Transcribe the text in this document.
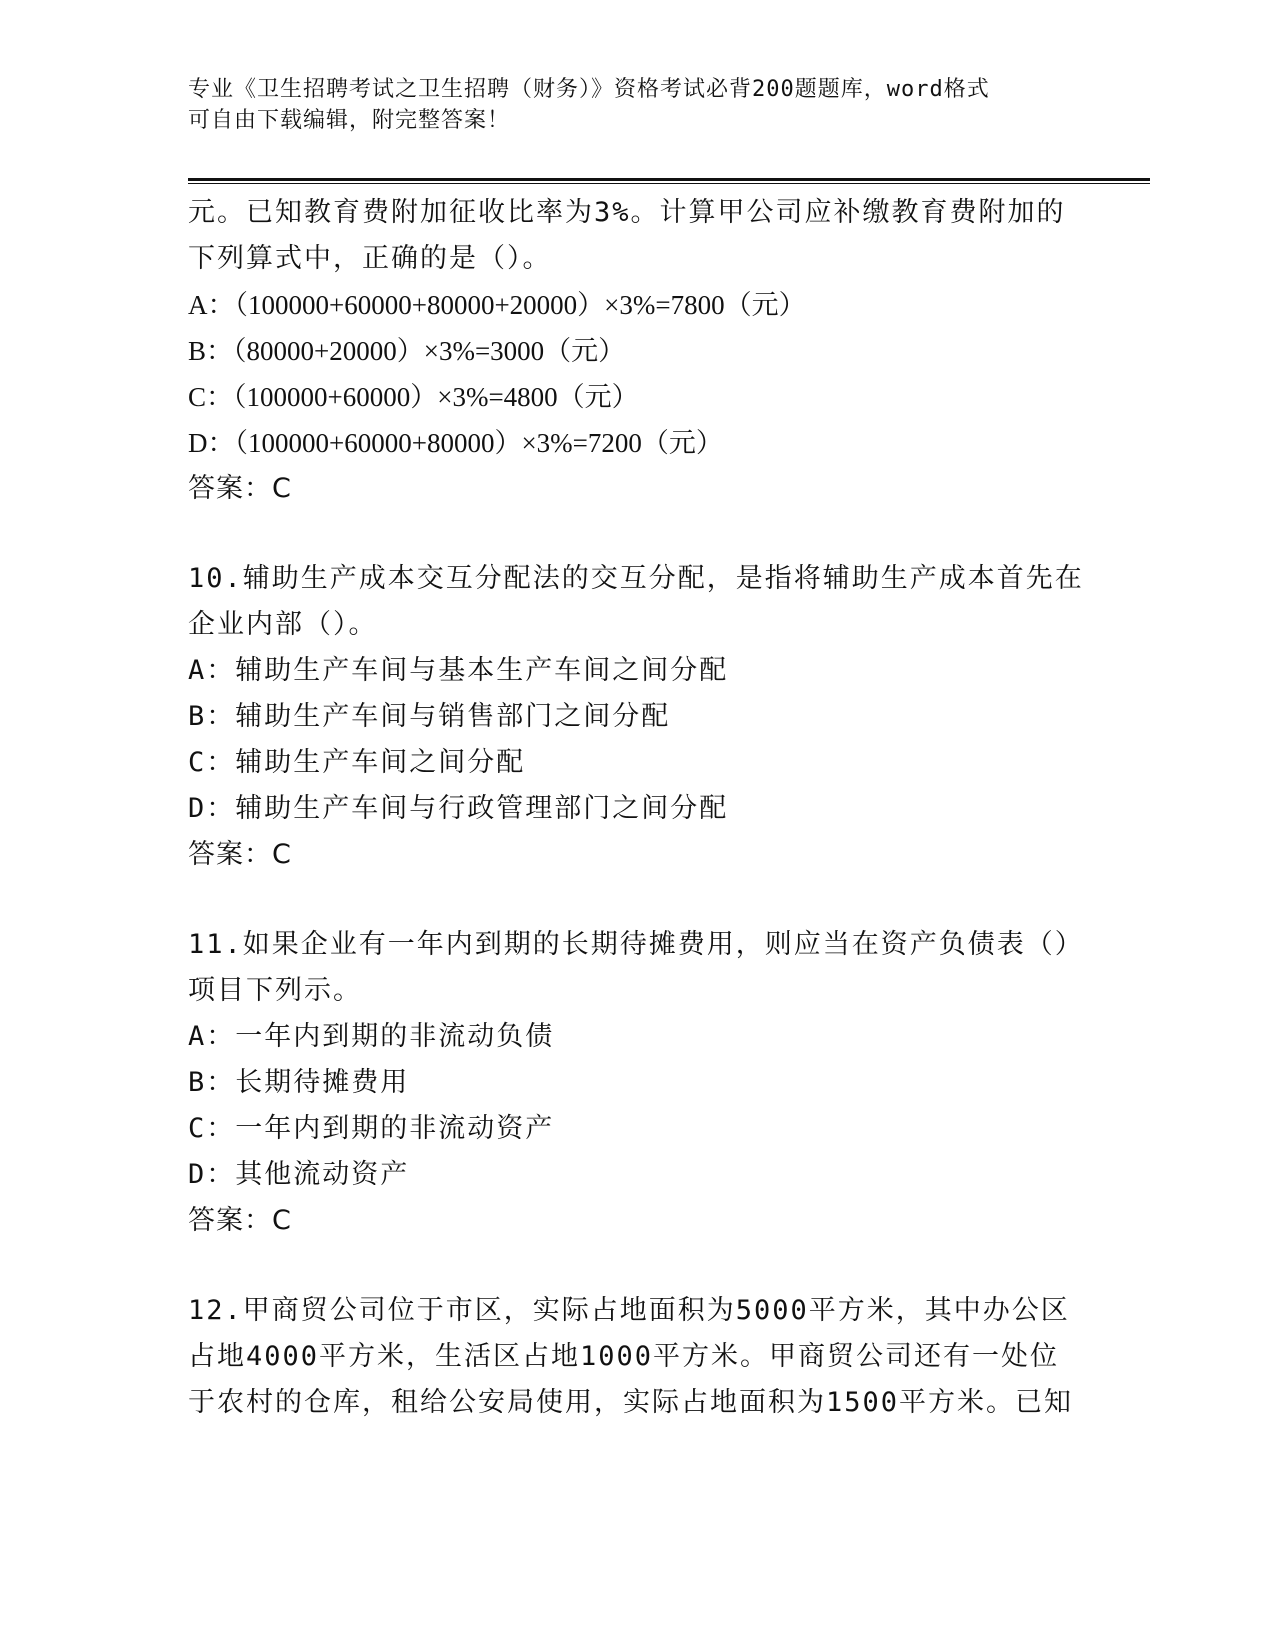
专业《卫生招聘考试之卫生招聘（财务）》资格考试必背200题题库，word格式

可自由下载编辑，附完整答案！

元。已知教育费附加征收比率为3%。计算甲公司应补缴教育费附加的

下列算式中，正确的是（）。

A：（100000+60000+80000+20000）×3%=7800（元）

B：（80000+20000）×3%=3000（元）

C：（100000+60000）×3%=4800（元）

D：（100000+60000+80000）×3%=7200（元）

答案：C

10.辅助生产成本交互分配法的交互分配，是指将辅助生产成本首先在

企业内部（）。

A：辅助生产车间与基本生产车间之间分配

B：辅助生产车间与销售部门之间分配

C：辅助生产车间之间分配

D：辅助生产车间与行政管理部门之间分配

答案：C

11.如果企业有一年内到期的长期待摊费用，则应当在资产负债表（）

项目下列示。

A：一年内到期的非流动负债

B：长期待摊费用

C：一年内到期的非流动资产

D：其他流动资产

答案：C

12.甲商贸公司位于市区，实际占地面积为5000平方米，其中办公区

占地4000平方米，生活区占地1000平方米。甲商贸公司还有一处位

于农村的仓库，租给公安局使用，实际占地面积为1500平方米。已知
